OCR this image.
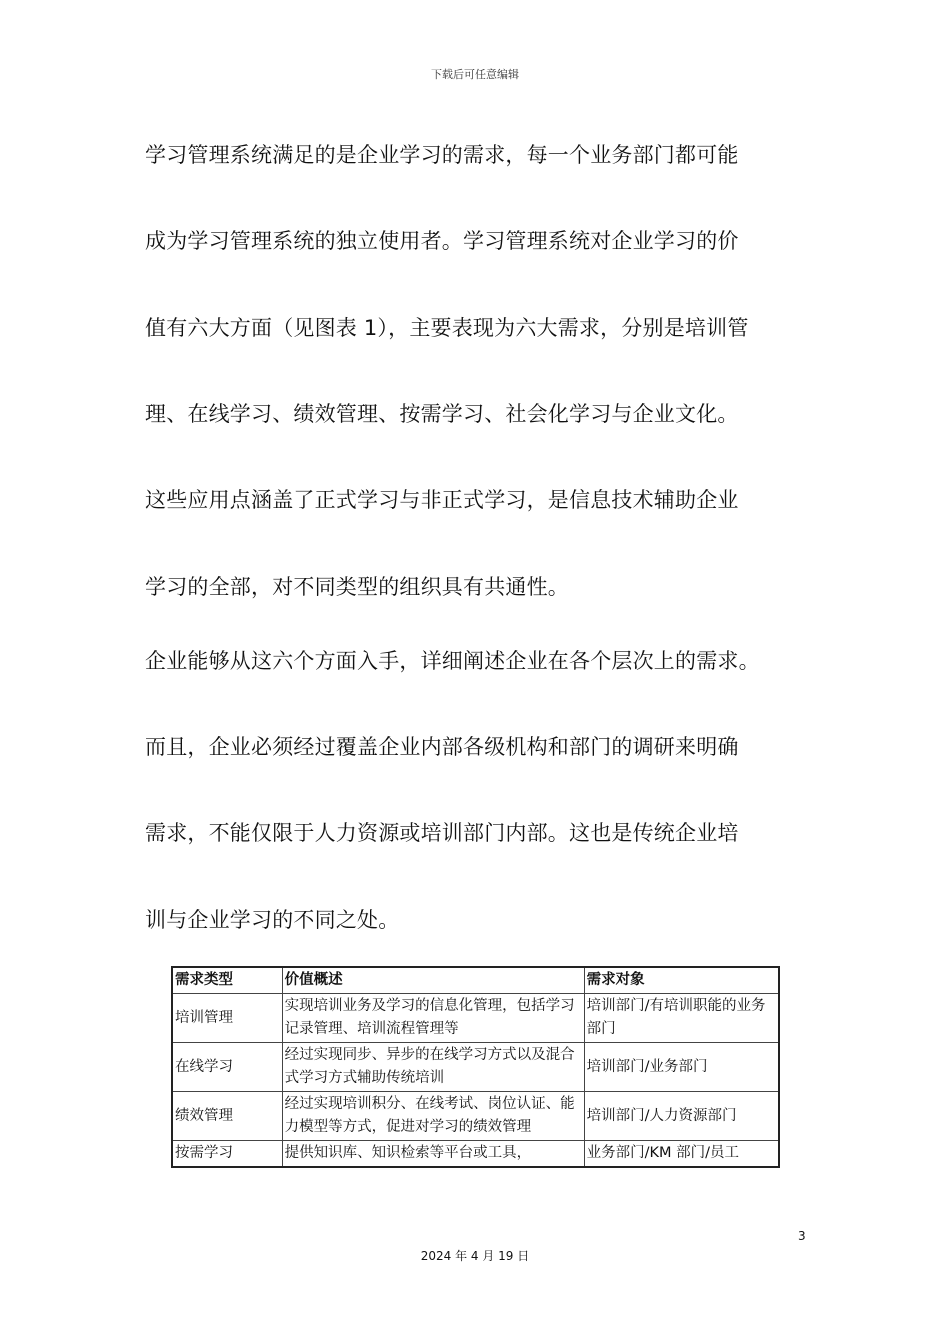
下载后可任意编辑
学习管理系统满足的是企业学习的需求，每一个业务部门都可能
成为学习管理系统的独立使用者。学习管理系统对企业学习的价
值有六大方面（见图表 1），主要表现为六大需求，分别是培训管
理、在线学习、绩效管理、按需学习、社会化学习与企业文化。
这些应用点涵盖了正式学习与非正式学习，是信息技术辅助企业
学习的全部，对不同类型的组织具有共通性。
企业能够从这六个方面入手，详细阐述企业在各个层次上的需求。
而且，企业必须经过覆盖企业内部各级机构和部门的调研来明确
需求，不能仅限于人力资源或培训部门内部。这也是传统企业培
训与企业学习的不同之处。
需求类型	价值概述	需求对象
培训管理	实现培训业务及学习的信息化管理，包括学习记录管理、培训流程管理等	培训部门/有培训职能的业务部门
在线学习	经过实现同步、异步的在线学习方式以及混合式学习方式辅助传统培训	培训部门/业务部门
绩效管理	经过实现培训积分、在线考试、岗位认证、能力模型等方式，促进对学习的绩效管理	培训部门/人力资源部门
按需学习	提供知识库、知识检索等平台或工具，	业务部门/KM 部门/员工
3
2024 年 4 月 19 日
